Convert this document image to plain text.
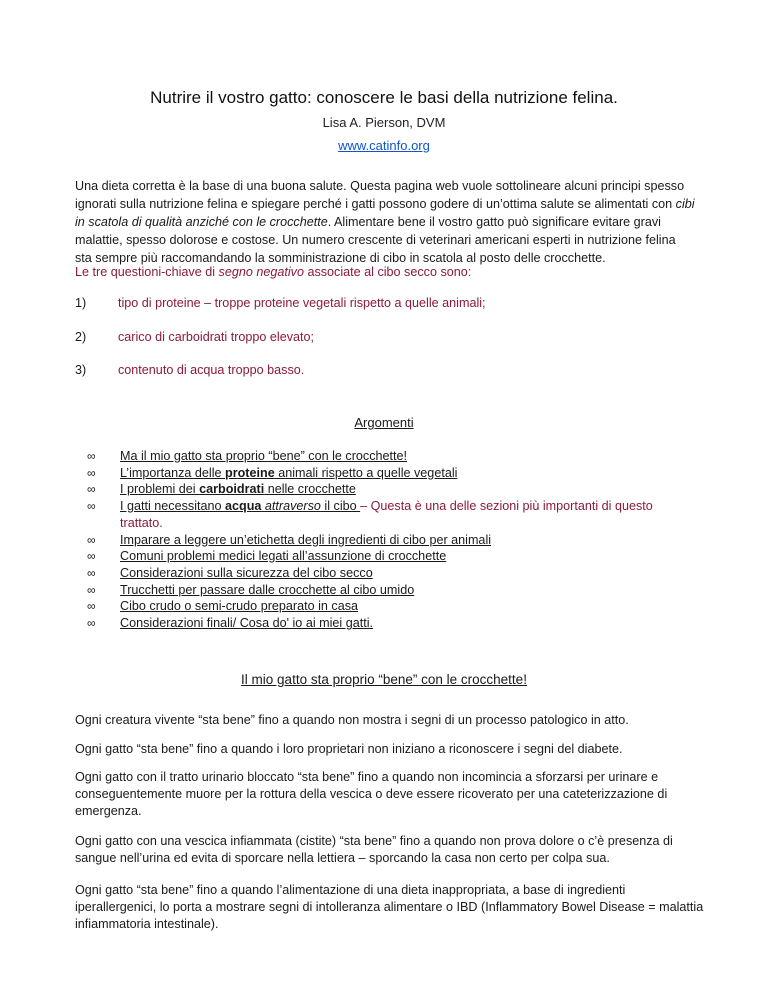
Nutrire il vostro gatto: conoscere le basi della nutrizione felina.
Lisa A. Pierson, DVM
www.catinfo.org

Una dieta corretta è la base di una buona salute. Questa pagina web vuole sottolineare alcuni principi spesso ignorati sulla nutrizione felina e spiegare perché i gatti possono godere di un’ottima salute se alimentati con cibi in scatola di qualità anziché con le crocchette. Alimentare bene il vostro gatto può significare evitare gravi malattie, spesso dolorose e costose. Un numero crescente di veterinari americani esperti in nutrizione felina sta sempre più raccomandando la somministrazione di cibo in scatola al posto delle crocchette.

Le tre questioni-chiave di segno negativo associate al cibo secco sono:
1)	tipo di proteine – troppe proteine vegetali rispetto a quelle animali;
2)	carico di carboidrati troppo elevato;
3)	contenuto di acqua troppo basso.
Argomenti
∞ Ma il mio gatto sta proprio “bene” con le crocchette!
∞ L’importanza delle proteine animali rispetto a quelle vegetali
∞ I problemi dei carboidrati nelle crocchette
∞ I gatti necessitano acqua attraverso il cibo – Questa è una delle sezioni più importanti di questo trattato.
∞ Imparare a leggere un’etichetta degli ingredienti di cibo per animali
∞ Comuni problemi medici legati all’assunzione di crocchette
∞ Considerazioni sulla sicurezza del cibo secco
∞ Trucchetti per passare dalle crocchette al cibo umido
∞ Cibo crudo o semi-crudo preparato in casa
∞ Considerazioni finali/ Cosa do' io ai miei gatti.
Il mio gatto sta proprio “bene” con le crocchette!

Ogni creatura vivente “sta bene” fino a quando non mostra i segni di un processo patologico in atto.

Ogni gatto “sta bene” fino a quando i loro proprietari non iniziano a riconoscere i segni del diabete.

Ogni gatto con il tratto urinario bloccato “sta bene” fino a quando non incomincia a sforzarsi per urinare e conseguentemente muore per la rottura della vescica o deve essere ricoverato per una cateterizzazione di emergenza.

Ogni gatto con una vescica infiammata (cistite) “sta bene” fino a quando non prova dolore o c’è presenza di sangue nell’urina ed evita di sporcare nella lettiera – sporcando la casa non certo per colpa sua.

Ogni gatto “sta bene” fino a quando l’alimentazione di una dieta inappropriata, a base di ingredienti iperallergenici, lo porta a mostrare segni di intolleranza alimentare o IBD (Inflammatory Bowel Disease = malattia infiammatoria intestinale).
